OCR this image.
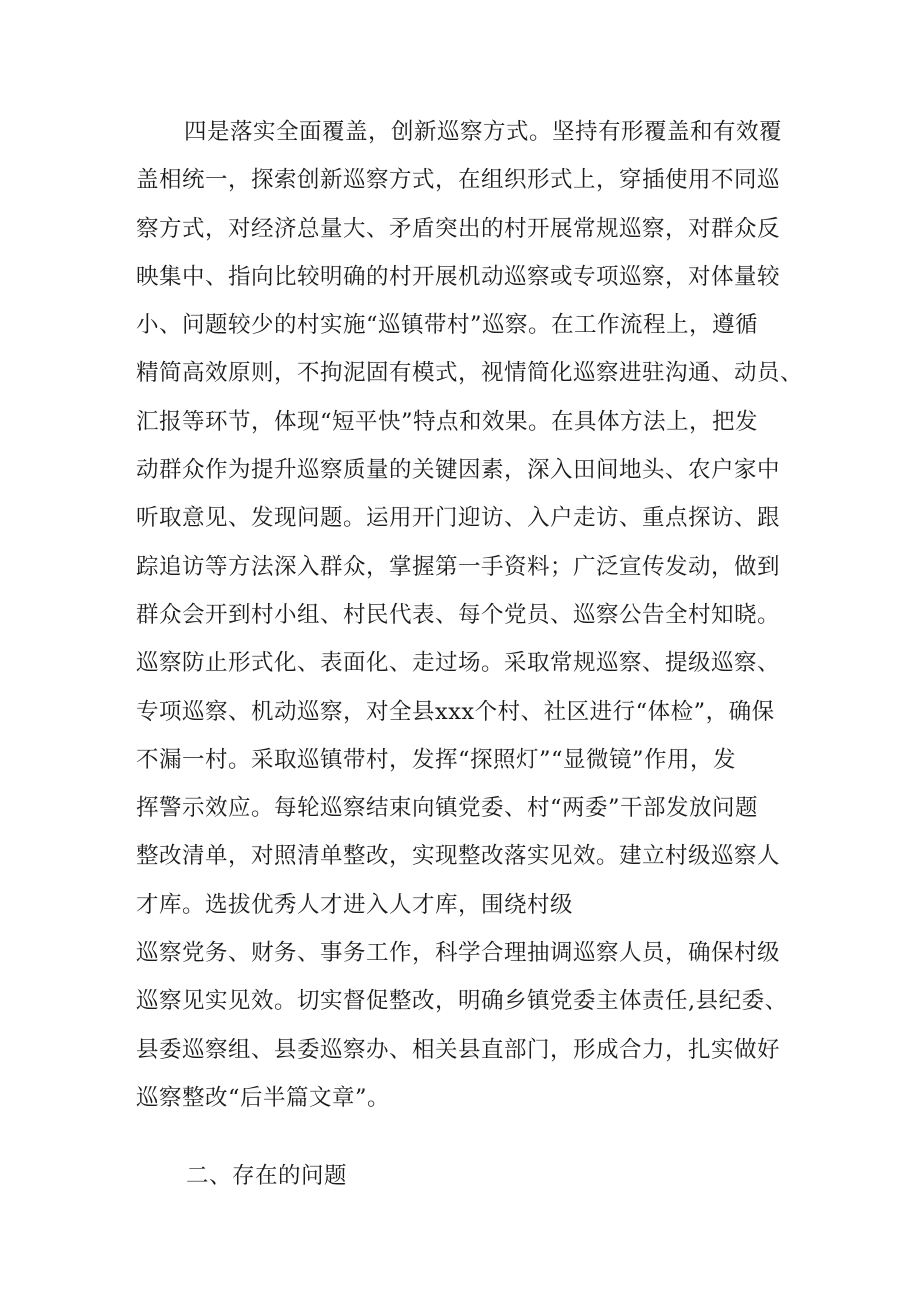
四是落实全面覆盖，创新巡察方式。坚持有形覆盖和有效覆
盖相统一，探索创新巡察方式，在组织形式上，穿插使用不同巡
察方式，对经济总量大、矛盾突出的村开展常规巡察，对群众反
映集中、指向比较明确的村开展机动巡察或专项巡察，对体量较
小、问题较少的村实施“巡镇带村”巡察。在工作流程上，遵循
精简高效原则，不拘泥固有模式，视情简化巡察进驻沟通、动员、
汇报等环节，体现“短平快”特点和效果。在具体方法上，把发
动群众作为提升巡察质量的关键因素，深入田间地头、农户家中
听取意见、发现问题。运用开门迎访、入户走访、重点探访、跟
踪追访等方法深入群众，掌握第一手资料；广泛宣传发动，做到
群众会开到村小组、村民代表、每个党员、巡察公告全村知晓。
巡察防止形式化、表面化、走过场。采取常规巡察、提级巡察、
专项巡察、机动巡察，对全县xxx个村、社区进行“体检”，确保
不漏一村。采取巡镇带村，发挥“探照灯”“显微镜”作用，发
挥警示效应。每轮巡察结束向镇党委、村“两委”干部发放问题
整改清单，对照清单整改，实现整改落实见效。建立村级巡察人
才库。选拔优秀人才进入人才库，围绕村级
巡察党务、财务、事务工作，科学合理抽调巡察人员，确保村级
巡察见实见效。切实督促整改，明确乡镇党委主体责任,县纪委、
县委巡察组、县委巡察办、相关县直部门，形成合力，扎实做好
巡察整改“后半篇文章”。
二、存在的问题
